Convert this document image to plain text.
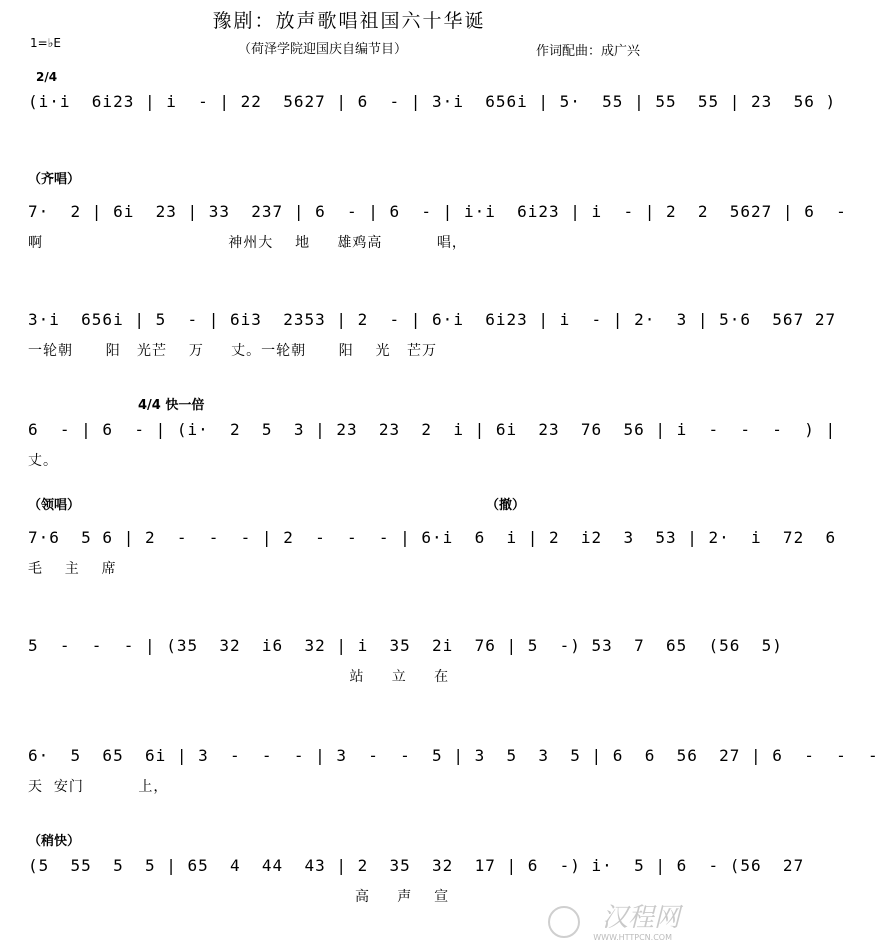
豫剧：放声歌唱祖国六十华诞
1=♭E	（荷泽学院迎国庆自编节目）	作词配曲：成广兴
2/4
(i·i  6i23 | i  - | 22  5627 | 6  - | 3·i  656i | 5·  55 | 55  55 | 23  56 )
（齐唱）
7·  2 | 6i  23 | 33  237 | 6  - | 6  - | i·i  6i23 | i  - | 2  2  5627 | 6  -
啊                                  神州大    地     雄鸡高          唱，
3·i  656i | 5  - | 6i3  2353 | 2  - | 6·i  6i23 | i  - | 2·  3 | 5·6  567 27
一轮朝      阳   光芒    万     丈。一轮朝      阳    光   芒万
4/4 快一倍
6  - | 6  - | (i·  2  5  3 | 23  23  2  i | 6i  23  76  56 | i  -  -  -  ) |
丈。
（领唱）	（撤）
7·6  5 6 | 2  -  -  - | 2  -  -  - | 6·i  6  i | 2  i2  3  53 | 2·  i  72  6
毛    主    席
5  -  -  - | (35  32  i6  32 | i  35  2i  76 | 5  -) 53  7  65  (56  5)
站     立     在
6·  5  65  6i | 3  -  -  - | 3  -  -  5 | 3  5  3  5 | 6  6  56  27 | 6  -  -  -
天  安门          上，
（稍快）
(5  55  5  5 | 65  4  44  43 | 2  35  32  17 | 6  -) i·  5 | 6  - (56  27
高     声    宣
汉程网
WWW.HTTPCN.COM
